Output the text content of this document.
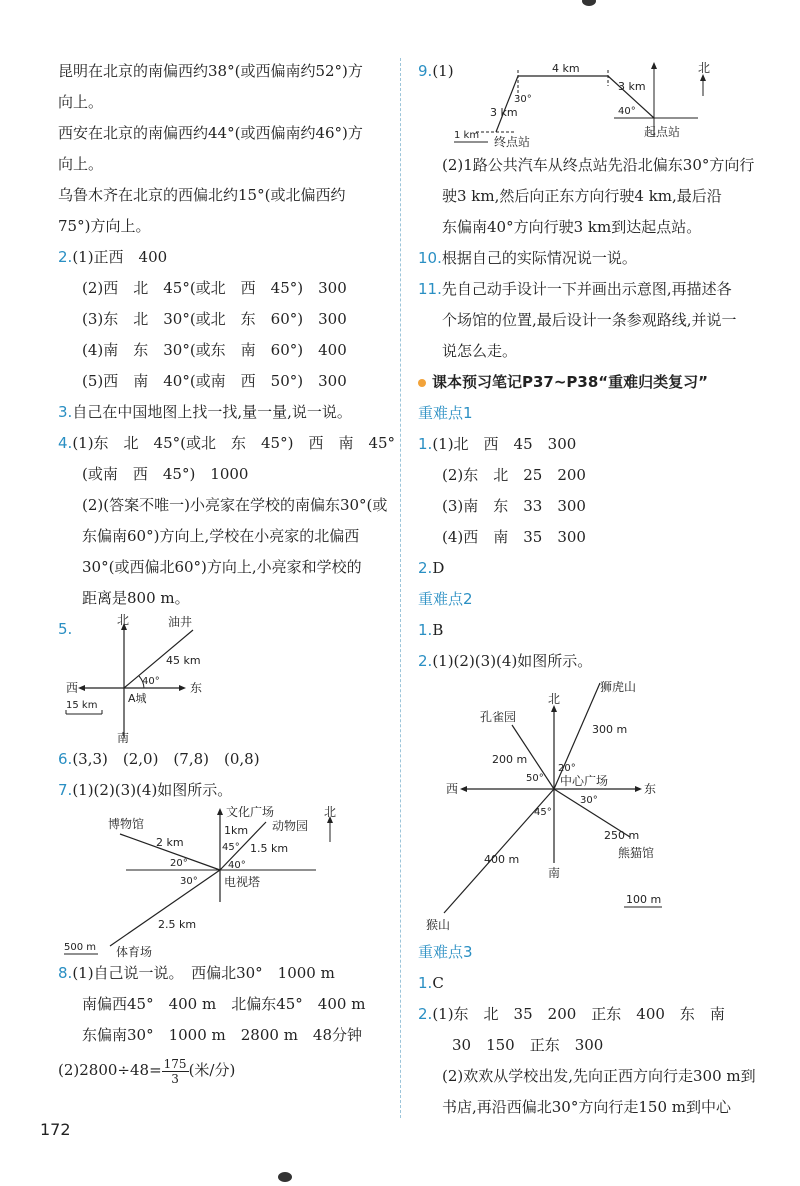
昆明在北京的南偏西约38°(或西偏南约52°)方
向上。
西安在北京的南偏西约44°(或西偏南约46°)方
向上。
乌鲁木齐在北京的西偏北约15°(或北偏西约
75°)方向上。
2.(1)正西　400
(2)西　北　45°(或北　西　45°)　300
(3)东　北　30°(或北　东　60°)　300
(4)南　东　30°(或东　南　60°)　400
(5)西　南　40°(或南　西　50°)　300
3.自己在中国地图上找一找,量一量,说一说。
4.(1)东　北　45°(或北　东　45°)　西　南　45°
(或南　西　45°)　1000
(2)(答案不唯一)小亮家在学校的南偏东30°(或
东偏南60°)方向上,学校在小亮家的北偏西
30°(或西偏北60°)方向上,小亮家和学校的
距离是800 m。
5.	北
南
西	东
油井
A城
45 km
40°
15 km
6.(3,3)　(2,0)　(7,8)　(0,8)
7.(1)(2)(3)(4)如图所示。
博物馆
文化广场
动物园
北
电视塔
体育场
2 km
1km
1.5 km
2.5 km
20°
30°
45°
40°
500 m
8.(1)自己说一说。　 西偏北30°　1000 m
南偏西45°　400 m　北偏东45°　400 m
东偏南30°　1000 m　2800 m　48分钟
$(2)2800\div 48= \frac{175}{3}$ (米/分)
9.(1)	北
终点站
起点站
4 km
3 km
3 km
30°
40°
1 km
(2)1路公共汽车从终点站先沿北偏东30°方向行
驶3 km,然后向正东方向行驶4 km,最后沿
东偏南40°方向行驶3 km到达起点站。
10.根据自己的实际情况说一说。
11.先自己动手设计一下并画出示意图,再描述各
个场馆的位置,最后设计一条参观路线,并说一
说怎么走。
课本预习笔记P37~P38“重难归类复习”
重难点1
1.(1)北　西　45　300
(2)东　北　25　200
(3)南　东　33　300
(4)西　南　35　300
2.D
重难点2
1.B
2.(1)(2)(3)(4)如图所示。
狮虎山
孔雀园
北
中心广场
西	东
南
熊猫馆
猴山
300 m
200 m
250 m
400 m
50°
20°
30°
45°
100 m
重难点3
1.C
2.(1)东　北　35　200　正东　400　东　南
30　150　正东　300
(2)欢欢从学校出发,先向正西方向行走300 m到
书店,再沿西偏北30°方向行走150 m到中心
172
